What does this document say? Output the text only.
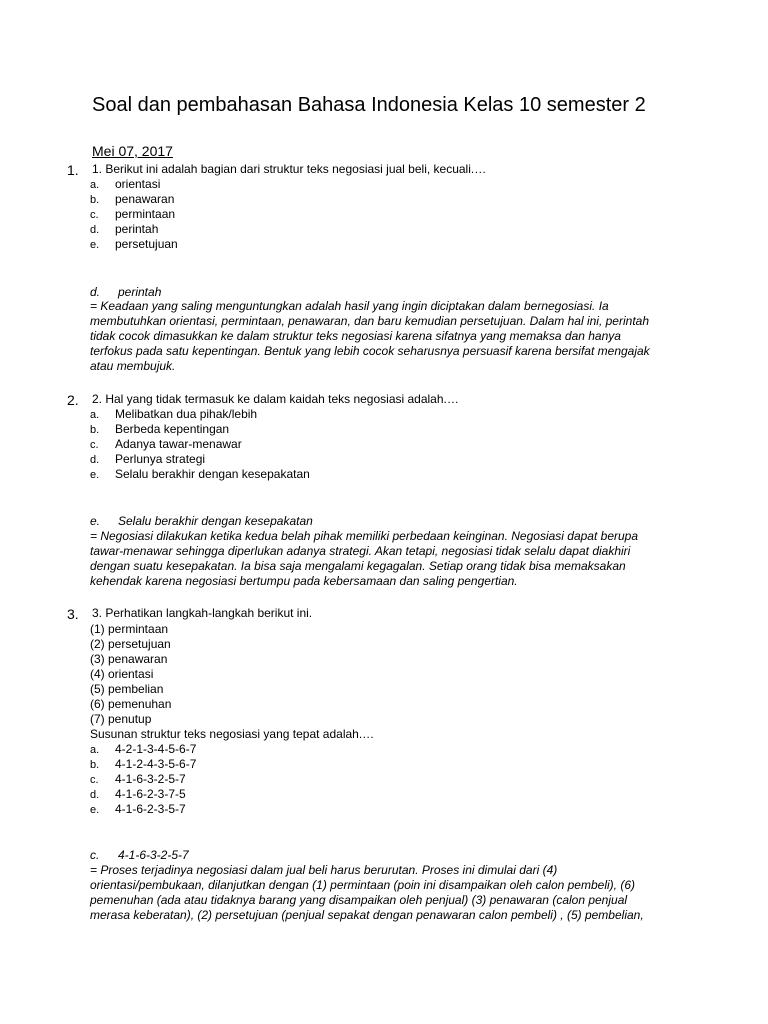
Soal dan pembahasan Bahasa Indonesia Kelas 10 semester 2
Mei 07, 2017
1. 1. Berikut ini adalah bagian dari struktur teks negosiasi jual beli, kecuali.…
a. orientasi
b. penawaran
c. permintaan
d. perintah
e. persetujuan
d. perintah
= Keadaan yang saling menguntungkan adalah hasil yang ingin diciptakan dalam bernegosiasi. Ia
membutuhkan orientasi, permintaan, penawaran, dan baru kemudian persetujuan. Dalam hal ini, perintah
tidak cocok dimasukkan ke dalam struktur teks negosiasi karena sifatnya yang memaksa dan hanya
terfokus pada satu kepentingan. Bentuk yang lebih cocok seharusnya persuasif karena bersifat mengajak
atau membujuk.
2. 2. Hal yang tidak termasuk ke dalam kaidah teks negosiasi adalah.…
a. Melibatkan dua pihak/lebih
b. Berbeda kepentingan
c. Adanya tawar-menawar
d. Perlunya strategi
e. Selalu berakhir dengan kesepakatan
e. Selalu berakhir dengan kesepakatan
= Negosiasi dilakukan ketika kedua belah pihak memiliki perbedaan keinginan. Negosiasi dapat berupa
tawar-menawar sehingga diperlukan adanya strategi. Akan tetapi, negosiasi tidak selalu dapat diakhiri
dengan suatu kesepakatan. Ia bisa saja mengalami kegagalan. Setiap orang tidak bisa memaksakan
kehendak karena negosiasi bertumpu pada kebersamaan dan saling pengertian.
3. 3. Perhatikan langkah-langkah berikut ini.
(1) permintaan
(2) persetujuan
(3) penawaran
(4) orientasi
(5) pembelian
(6) pemenuhan
(7) penutup
Susunan struktur teks negosiasi yang tepat adalah.…
a. 4-2-1-3-4-5-6-7
b. 4-1-2-4-3-5-6-7
c. 4-1-6-3-2-5-7
d. 4-1-6-2-3-7-5
e. 4-1-6-2-3-5-7
c. 4-1-6-3-2-5-7
= Proses terjadinya negosiasi dalam jual beli harus berurutan. Proses ini dimulai dari (4)
orientasi/pembukaan, dilanjutkan dengan (1) permintaan (poin ini disampaikan oleh calon pembeli), (6)
pemenuhan (ada atau tidaknya barang yang disampaikan oleh penjual) (3) penawaran (calon penjual
merasa keberatan), (2) persetujuan (penjual sepakat dengan penawaran calon pembeli) , (5) pembelian,
